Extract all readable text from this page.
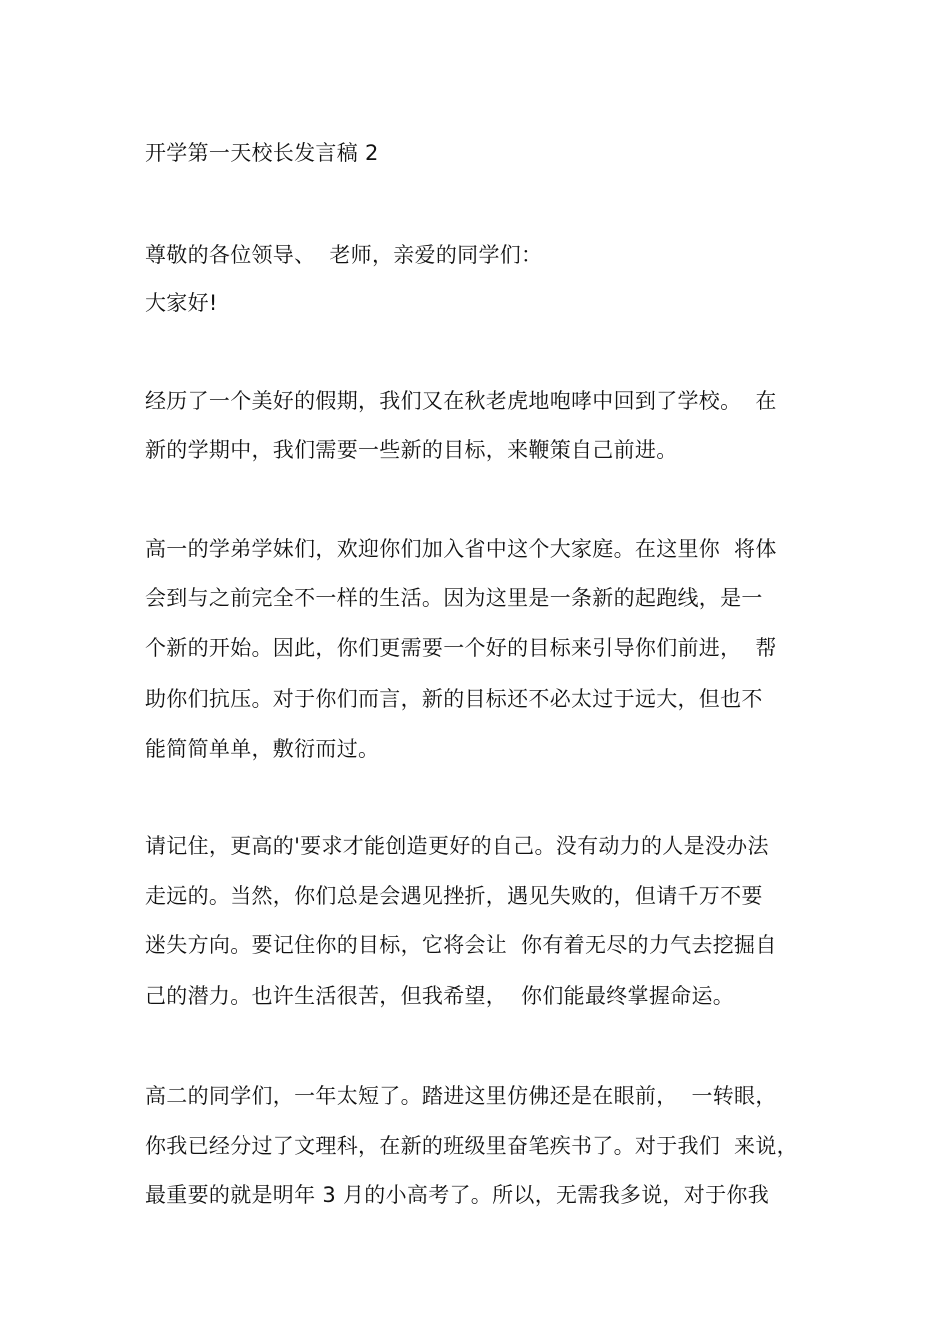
开学第一天校长发言稿 2
尊敬的各位领导、  老师，亲爱的同学们：
大家好!
经历了一个美好的假期，我们又在秋老虎地咆哮中回到了学校。  在
新的学期中，我们需要一些新的目标，来鞭策自己前进。
高一的学弟学妹们，欢迎你们加入省中这个大家庭。在这里你  将体
会到与之前完全不一样的生活。因为这里是一条新的起跑线，是一
个新的开始。因此，你们更需要一个好的目标来引导你们前进，  帮
助你们抗压。对于你们而言，新的目标还不必太过于远大，但也不
能简简单单，敷衍而过。
请记住，更高的'要求才能创造更好的自己。没有动力的人是没办法
走远的。当然，你们总是会遇见挫折，遇见失败的，但请千万不要
迷失方向。要记住你的目标，它将会让  你有着无尽的力气去挖掘自
己的潜力。也许生活很苦，但我希望，  你们能最终掌握命运。
高二的同学们，一年太短了。踏进这里仿佛还是在眼前，  一转眼，
你我已经分过了文理科，在新的班级里奋笔疾书了。对于我们  来说，
最重要的就是明年 3 月的小高考了。所以，无需我多说，对于你我
